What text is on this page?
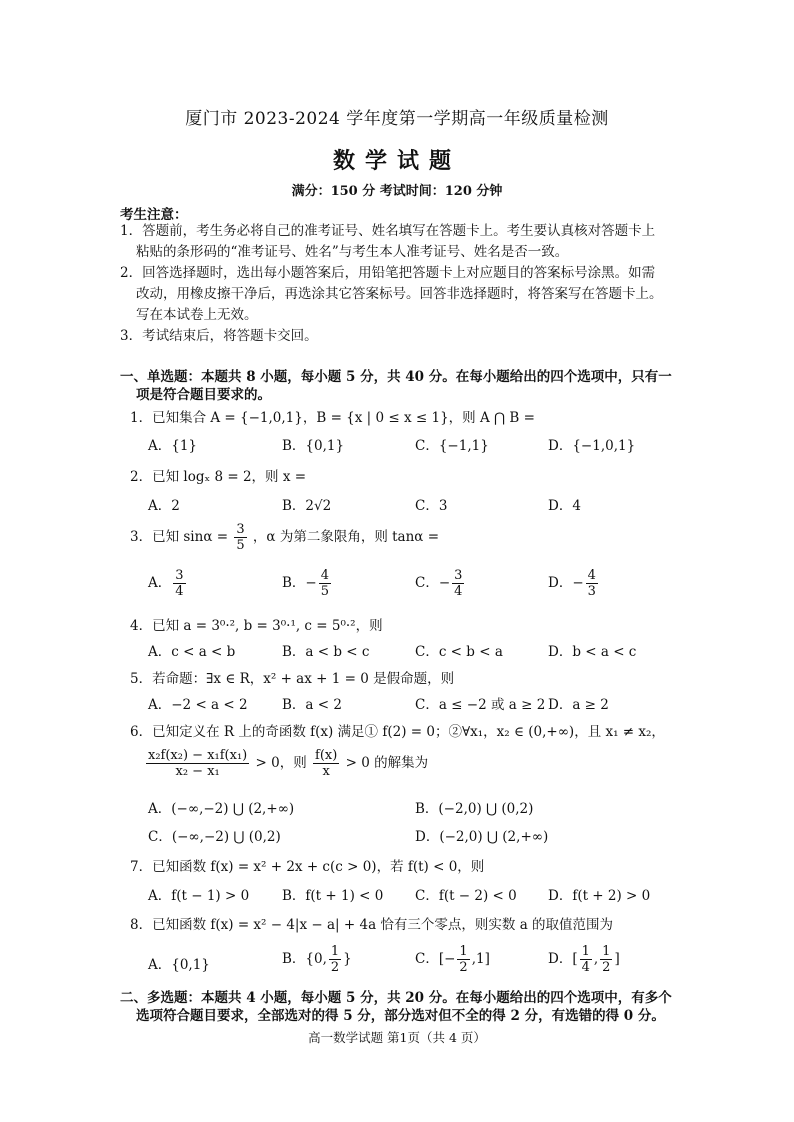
厦门市 2023-2024 学年度第一学期高一年级质量检测
数学试题
满分：150 分 考试时间：120 分钟
考生注意：
1．答题前，考生务必将自己的准考证号、姓名填写在答题卡上。考生要认真核对答题卡上
粘贴的条形码的“准考证号、姓名”与考生本人准考证号、姓名是否一致。
2．回答选择题时，选出每小题答案后，用铅笔把答题卡上对应题目的答案标号涂黑。如需
改动，用橡皮擦干净后，再选涂其它答案标号。回答非选择题时，将答案写在答题卡上。
写在本试卷上无效。
3．考试结束后，将答题卡交回。
一、单选题：本题共 8 小题，每小题 5 分，共 40 分。在每小题给出的四个选项中，只有一
项是符合题目要求的。
1．已知集合 A = {−1,0,1}，B = {x | 0 ≤ x ≤ 1}，则 A ⋂ B =
A．{1}	B．{0,1}	C．{−1,1}	D．{−1,0,1}
2．已知 logₓ 8 = 2，则 x =
A．2	B．2√2	C．3	D．4
3．已知 $\sin\alpha = \frac{3}{5}$ ，α 为第二象限角，则 tanα =
A． $\frac{3}{4}$	B．− $\frac{4}{5}$	C．− $\frac{3}{4}$	D．− $\frac{4}{3}$
4．已知 a = 3⁰·², b = 3⁰·¹, c = 5⁰·²，则
A．c < a < b	B．a < b < c	C．c < b < a	D．b < a < c
5．若命题：∃x ∈ R，x² + ax + 1 = 0 是假命题，则
A．−2 < a < 2	B．a < 2	C．a ≤ −2 或 a ≥ 2 D．a ≥ 2
6．已知定义在 R 上的奇函数 f(x) 满足① f(2) = 0；②∀x₁，x₂ ∈ (0,+∞)，且 x₁ ≠ x₂，
$\frac{\text{x₂f(x₂) − x₁f(x₁)}}{\text{x₂ − x₁}} > 0$，则 $\frac{f(x)}{x} > 0$ 的解集为
A．(−∞,−2) ⋃ (2,+∞)	B．(−2,0) ⋃ (0,2)
C．(−∞,−2) ⋃ (0,2)	D．(−2,0) ⋃ (2,+∞)
7．已知函数 f(x) = x² + 2x + c(c > 0)，若 f(t) < 0，则
A．f(t − 1) > 0 B．f(t + 1) < 0 C．f(t − 2) < 0 D．f(t + 2) > 0
8．已知函数 f(x) = x² − 4|x − a| + 4a 恰有三个零点，则实数 a 的取值范围为
A．{0,1}	B．{0, $\frac{1}{2}$ }	C．[− $\frac{1}{2} ,1$]	D．[ $\frac{1}{4}$ , $\frac{1}{2}$ ]
二、多选题：本题共 4 小题，每小题 5 分，共 20 分。在每小题给出的四个选项中，有多个
选项符合题目要求，全部选对的得 5 分，部分选对但不全的得 2 分，有选错的得 0 分。
高一数学试题 第1页（共 4 页）
